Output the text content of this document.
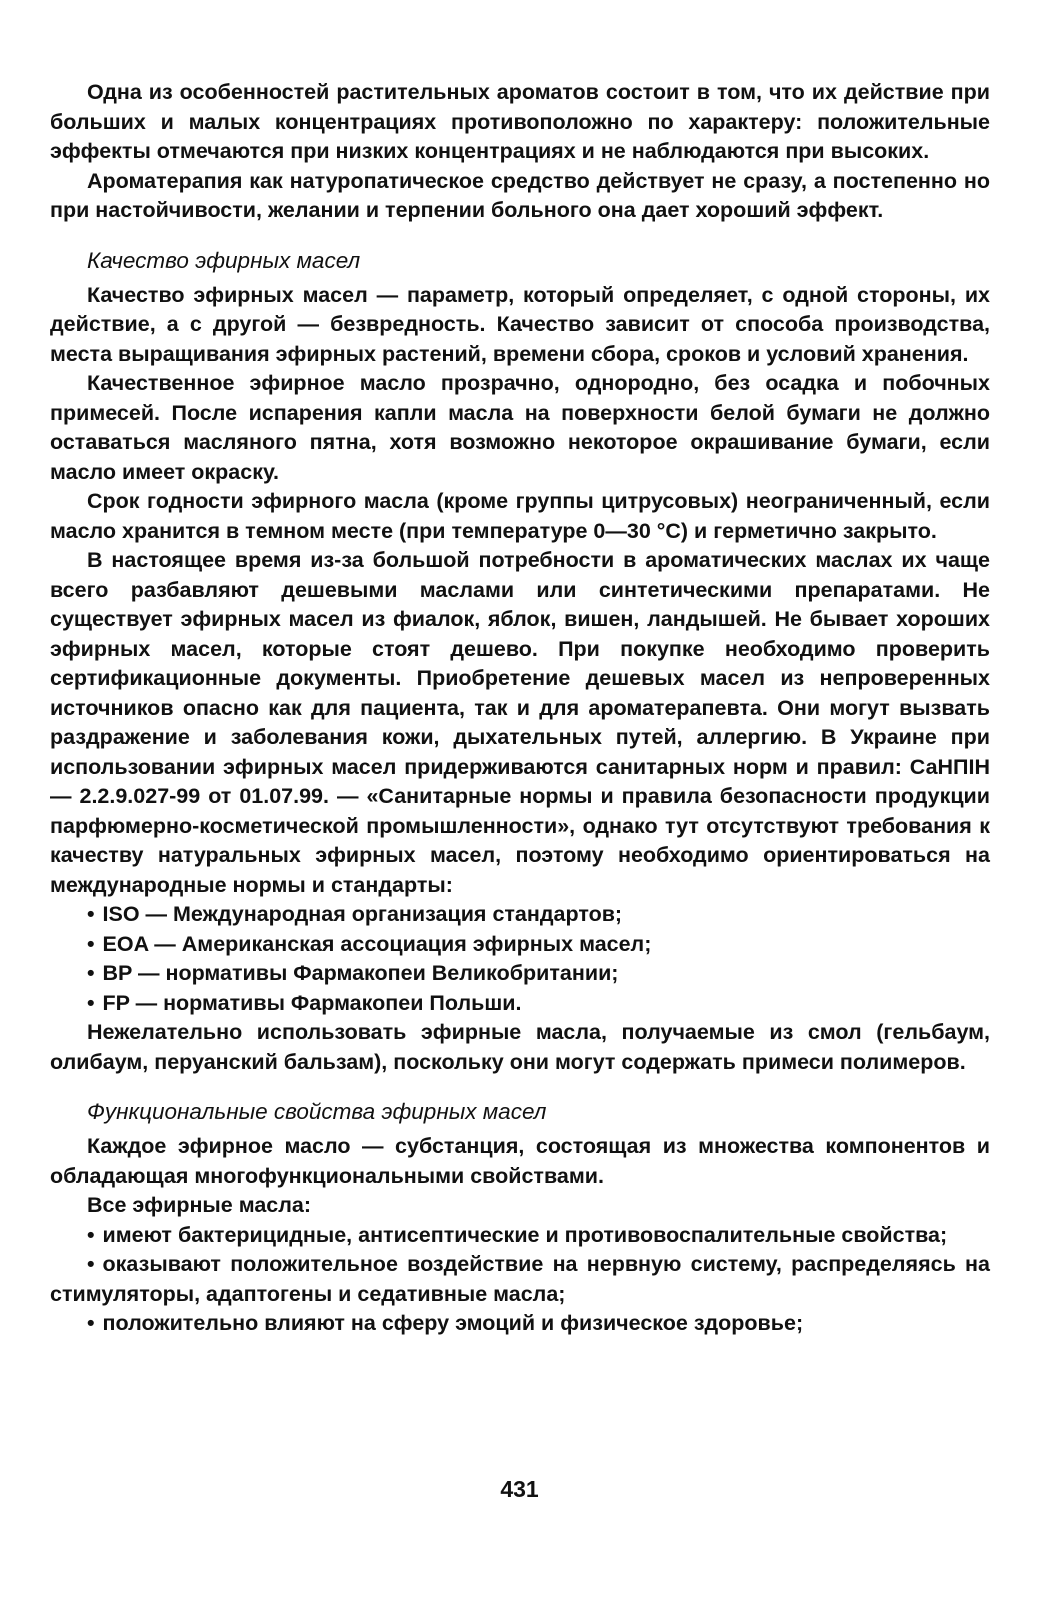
Одна из особенностей растительных ароматов состоит в том, что их действие при больших и малых концентрациях противоположно по характеру: положительные эффекты отмечаются при низких концентрациях и не наблюдаются при высоких.

Ароматерапия как натуропатическое средство действует не сразу, а постепенно но при настойчивости, желании и терпении больного она дает хороший эффект.

Качество эфирных масел

Качество эфирных масел — параметр, который определяет, с одной стороны, их действие, а с другой — безвредность. Качество зависит от способа производства, места выращивания эфирных растений, времени сбора, сроков и условий хранения.

Качественное эфирное масло прозрачно, однородно, без осадка и побочных примесей. После испарения капли масла на поверхности белой бумаги не должно оставаться масляного пятна, хотя возможно некоторое окрашивание бумаги, если масло имеет окраску.

Срок годности эфирного масла (кроме группы цитрусовых) неограниченный, если масло хранится в темном месте (при температуре 0—30 °С) и герметично закрыто.

В настоящее время из-за большой потребности в ароматических маслах их чаще всего разбавляют дешевыми маслами или синтетическими препаратами. Не существует эфирных масел из фиалок, яблок, вишен, ландышей. Не бывает хороших эфирных масел, которые стоят дешево. При покупке необходимо проверить сертификационные документы. Приобретение дешевых масел из непроверенных источников опасно как для пациента, так и для ароматерапевта. Они могут вызвать раздражение и заболевания кожи, дыхательных путей, аллергию. В Украине при использовании эфирных масел придерживаются санитарных норм и правил: СаНПIН — 2.2.9.027-99 от 01.07.99. — «Санитарные нормы и правила безопасности продукции парфюмерно-косметической промышленности», однако тут отсутствуют требования к качеству натуральных эфирных масел, поэтому необходимо ориентироваться на международные нормы и стандарты:

• ISO — Международная организация стандартов;
• EOA — Американская ассоциация эфирных масел;
• BP — нормативы Фармакопеи Великобритании;
• FP — нормативы Фармакопеи Польши.

Нежелательно использовать эфирные масла, получаемые из смол (гельбаум, олибаум, перуанский бальзам), поскольку они могут содержать примеси полимеров.

Функциональные свойства эфирных масел

Каждое эфирное масло — субстанция, состоящая из множества компонентов и обладающая многофункциональными свойствами.

Все эфирные масла:

• имеют бактерицидные, антисептические и противовоспалительные свойства;
• оказывают положительное воздействие на нервную систему, распределяясь на стимуляторы, адаптогены и седативные масла;
• положительно влияют на сферу эмоций и физическое здоровье;
431
